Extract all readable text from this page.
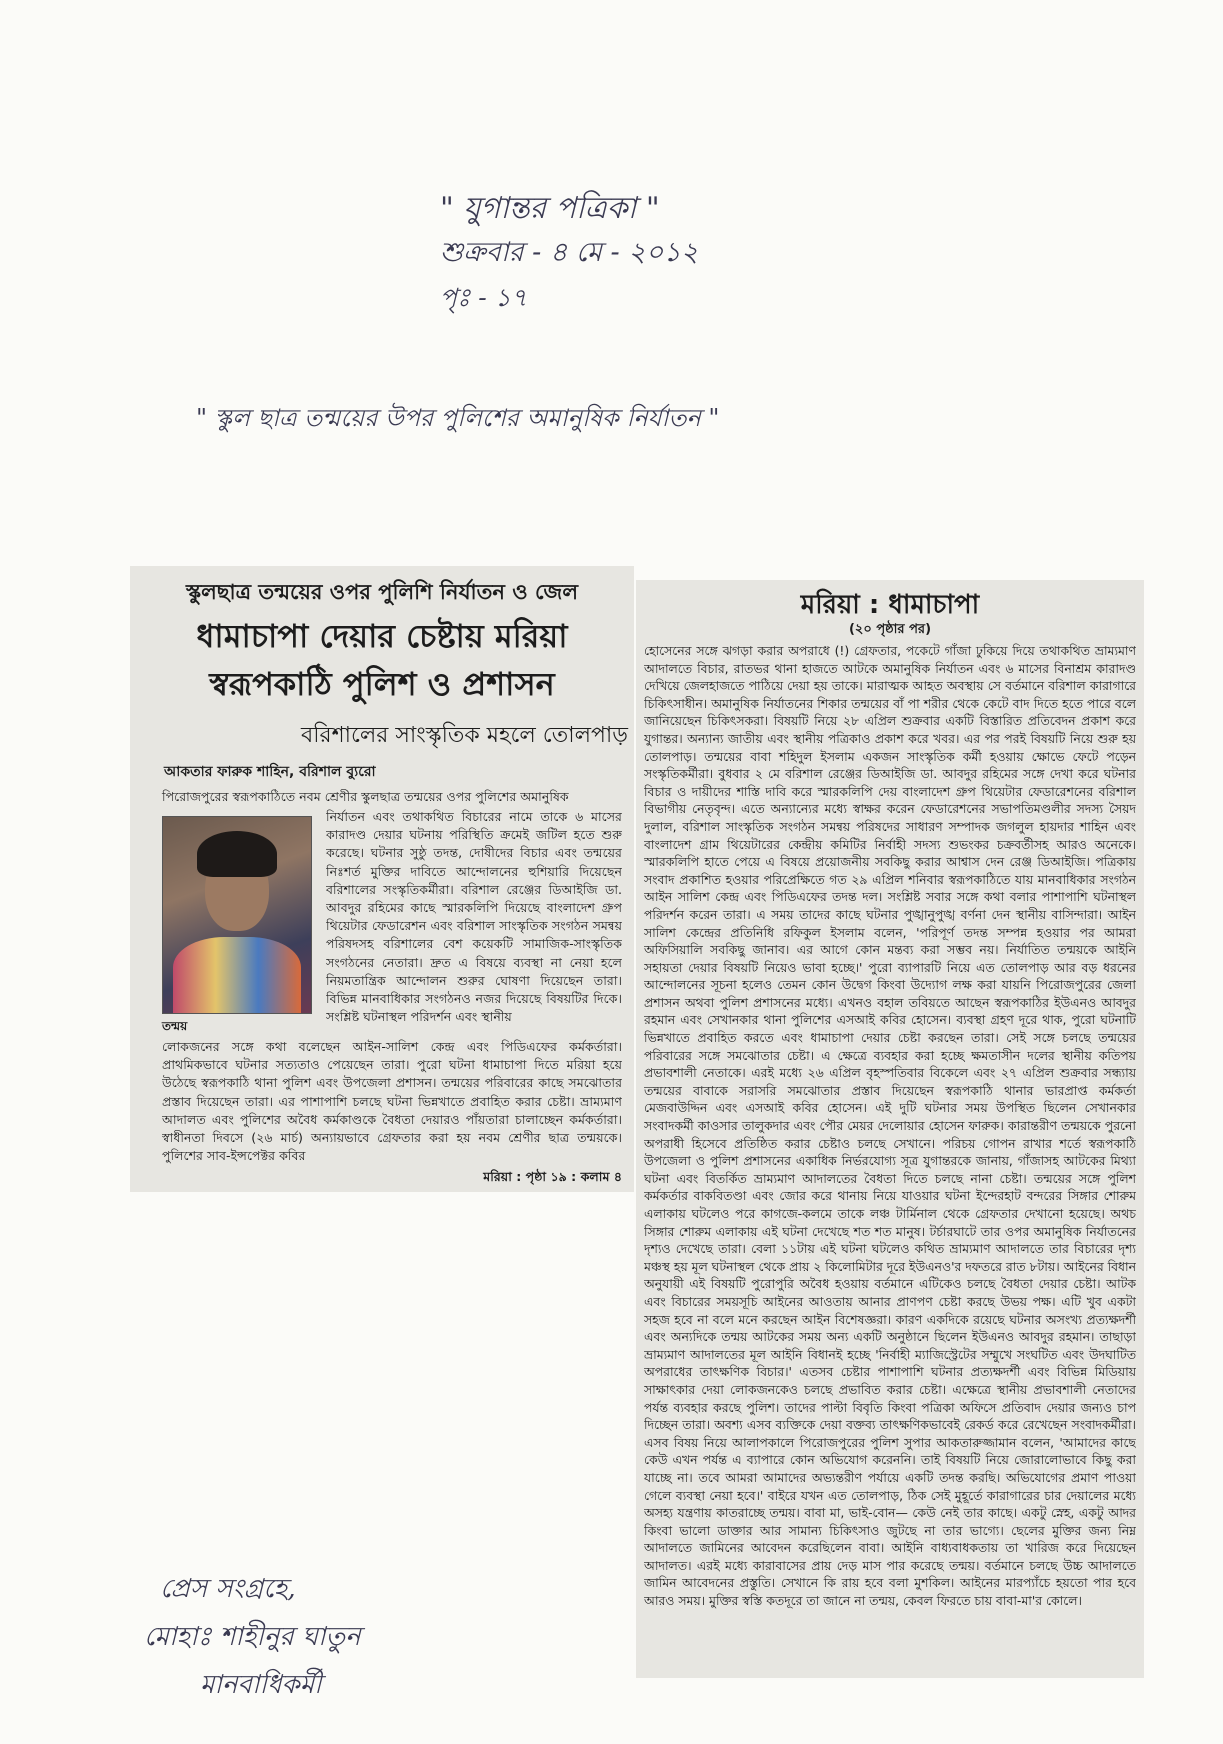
" যুগান্তর পত্রিকা "
শুক্রবার - ৪ মে - ২০১২
পৃঃ - ১৭
" স্কুল ছাত্র তন্ময়ের উপর পুলিশের অমানুষিক নির্যাতন "
স্কুলছাত্র তন্ময়ের ওপর পুলিশি নির্যাতন ও জেল
ধামাচাপা দেয়ার চেষ্টায় মরিয়া
স্বরূপকাঠি পুলিশ ও প্রশাসন
বরিশালের সাংস্কৃতিক মহলে তোলপাড়
আকতার ফারুক শাহিন, বরিশাল ব্যুরো
পিরোজপুরের স্বরূপকাঠিতে নবম শ্রেণীর স্কুলছাত্র তন্ময়ের ওপর পুলিশের অমানুষিক
তন্ময়
নির্যাতন এবং তথাকথিত বিচারের নামে তাকে ৬ মাসের কারাদণ্ড দেয়ার ঘটনায় পরিস্থিতি ক্রমেই জটিল হতে শুরু করেছে। ঘটনার সুষ্ঠু তদন্ত, দোষীদের বিচার এবং তন্ময়ের নিঃশর্ত মুক্তির দাবিতে আন্দোলনের হুশিয়ারি দিয়েছেন বরিশালের সংস্কৃতিকর্মীরা। বরিশাল রেঞ্জের ডিআইজি ডা. আবদুর রহিমের কাছে স্মারকলিপি দিয়েছে বাংলাদেশ গ্রুপ থিয়েটার ফেডারেশন এবং বরিশাল সাংস্কৃতিক সংগঠন সমন্বয় পরিষদসহ বরিশালের বেশ কয়েকটি সামাজিক-সাংস্কৃতিক সংগঠনের নেতারা। দ্রুত এ বিষয়ে ব্যবস্থা না নেয়া হলে নিয়মতান্ত্রিক আন্দোলন শুরুর ঘোষণা দিয়েছেন তারা। বিভিন্ন মানবাধিকার সংগঠনও নজর দিয়েছে বিষয়টির দিকে। সংশ্লিষ্ট ঘটনাস্থল পরিদর্শন এবং স্থানীয়
লোকজনের সঙ্গে কথা বলেছেন আইন-সালিশ কেন্দ্র এবং পিডিএফের কর্মকর্তারা। প্রাথমিকভাবে ঘটনার সত্যতাও পেয়েছেন তারা। পুরো ঘটনা ধামাচাপা দিতে মরিয়া হয়ে উঠেছে স্বরূপকাঠি থানা পুলিশ এবং উপজেলা প্রশাসন। তন্ময়ের পরিবারের কাছে সমঝোতার প্রস্তাব দিয়েছেন তারা। এর পাশাপাশি চলছে ঘটনা ভিন্নখাতে প্রবাহিত করার চেষ্টা। ভ্রাম্যমাণ আদালত এবং পুলিশের অবৈধ কর্মকাণ্ডকে বৈধতা দেয়ারও পাঁয়তারা চালাচ্ছেন কর্মকর্তারা। স্বাধীনতা দিবসে (২৬ মার্চ) অন্যায়ভাবে গ্রেফতার করা হয় নবম শ্রেণীর ছাত্র তন্ময়কে। পুলিশের সাব-ইন্সপেক্টর কবির
মরিয়া : পৃষ্ঠা ১৯ : কলাম ৪
মরিয়া : ধামাচাপা
(২০ পৃষ্ঠার পর)
হোসেনের সঙ্গে ঝগড়া করার অপরাধে (!) গ্রেফতার, পকেটে গাঁজা ঢুকিয়ে দিয়ে তথাকথিত ভ্রাম্যমাণ আদালতে বিচার, রাতভর থানা হাজতে আটকে অমানুষিক নির্যাতন এবং ৬ মাসের বিনাশ্রম কারাদণ্ড দেখিয়ে জেলহাজতে পাঠিয়ে দেয়া হয় তাকে। মারাত্মক আহত অবস্থায় সে বর্তমানে বরিশাল কারাগারে চিকিৎসাধীন। অমানুষিক নির্যাতনের শিকার তন্ময়ের বাঁ পা শরীর থেকে কেটে বাদ দিতে হতে পারে বলে জানিয়েছেন চিকিৎসকরা। বিষয়টি নিয়ে ২৮ এপ্রিল শুক্রবার একটি বিস্তারিত প্রতিবেদন প্রকাশ করে যুগান্তর। অন্যান্য জাতীয় এবং স্থানীয় পত্রিকাও প্রকাশ করে খবর। এর পর পরই বিষয়টি নিয়ে শুরু হয় তোলপাড়। তন্ময়ের বাবা শহিদুল ইসলাম একজন সাংস্কৃতিক কর্মী হওয়ায় ক্ষোভে ফেটে পড়েন সংস্কৃতিকর্মীরা। বুধবার ২ মে বরিশাল রেঞ্জের ডিআইজি ডা. আবদুর রহিমের সঙ্গে দেখা করে ঘটনার বিচার ও দায়ীদের শাস্তি দাবি করে স্মারকলিপি দেয় বাংলাদেশ গ্রুপ থিয়েটার ফেডারেশনের বরিশাল বিভাগীয় নেতৃবৃন্দ। এতে অন্যান্যের মধ্যে স্বাক্ষর করেন ফেডারেশনের সভাপতিমণ্ডলীর সদস্য সৈয়দ দুলাল, বরিশাল সাংস্কৃতিক সংগঠন সমন্বয় পরিষদের সাধারণ সম্পাদক জগলুল হায়দার শাহিন এবং বাংলাদেশ গ্রাম থিয়েটারের কেন্দ্রীয় কমিটির নির্বাহী সদস্য শুভংকর চক্রবর্তীসহ আরও অনেকে। স্মারকলিপি হাতে পেয়ে এ বিষয়ে প্রয়োজনীয় সবকিছু করার আশ্বাস দেন রেঞ্জ ডিআইজি। পত্রিকায় সংবাদ প্রকাশিত হওয়ার পরিপ্রেক্ষিতে গত ২৯ এপ্রিল শনিবার স্বরূপকাঠিতে যায় মানবাধিকার সংগঠন আইন সালিশ কেন্দ্র এবং পিডিএফের তদন্ত দল। সংশ্লিষ্ট সবার সঙ্গে কথা বলার পাশাপাশি ঘটনাস্থল পরিদর্শন করেন তারা। এ সময় তাদের কাছে ঘটনার পুঙ্খানুপুঙ্খ বর্ণনা দেন স্থানীয় বাসিন্দারা। আইন সালিশ কেন্দ্রের প্রতিনিধি রফিকুল ইসলাম বলেন, 'পরিপূর্ণ তদন্ত সম্পন্ন হওয়ার পর আমরা অফিসিয়ালি সবকিছু জানাব। এর আগে কোন মন্তব্য করা সম্ভব নয়। নির্যাতিত তন্ময়কে আইনি সহায়তা দেয়ার বিষয়টি নিয়েও ভাবা হচ্ছে।' পুরো ব্যাপারটি নিয়ে এত তোলপাড় আর বড় ধরনের আন্দোলনের সূচনা হলেও তেমন কোন উদ্বেগ কিংবা উদ্যোগ লক্ষ করা যায়নি পিরোজপুরের জেলা প্রশাসন অথবা পুলিশ প্রশাসনের মধ্যে। এখনও বহাল তবিয়তে আছেন স্বরূপকাঠির ইউএনও আবদুর রহমান এবং সেখানকার থানা পুলিশের এসআই কবির হোসেন। ব্যবস্থা গ্রহণ দূরে থাক, পুরো ঘটনাটি ভিন্নখাতে প্রবাহিত করতে এবং ধামাচাপা দেয়ার চেষ্টা করছেন তারা। সেই সঙ্গে চলছে তন্ময়ের পরিবারের সঙ্গে সমঝোতার চেষ্টা। এ ক্ষেত্রে ব্যবহার করা হচ্ছে ক্ষমতাসীন দলের স্থানীয় কতিপয় প্রভাবশালী নেতাকে। এরই মধ্যে ২৬ এপ্রিল বৃহস্পতিবার বিকেলে এবং ২৭ এপ্রিল শুক্রবার সন্ধ্যায় তন্ময়ের বাবাকে সরাসরি সমঝোতার প্রস্তাব দিয়েছেন স্বরূপকাঠি থানার ভারপ্রাপ্ত কর্মকর্তা মেজবাউদ্দিন এবং এসআই কবির হোসেন। এই দুটি ঘটনার সময় উপস্থিত ছিলেন সেখানকার সংবাদকর্মী কাওসার তালুকদার এবং পৌর মেয়র দেলোয়ার হোসেন ফারুক। কারান্তরীণ তন্ময়কে পুরনো অপরাধী হিসেবে প্রতিষ্ঠিত করার চেষ্টাও চলছে সেখানে। পরিচয় গোপন রাখার শর্তে স্বরূপকাঠি উপজেলা ও পুলিশ প্রশাসনের একাধিক নির্ভরযোগ্য সূত্র যুগান্তরকে জানায়, গাঁজাসহ আটকের মিথ্যা ঘটনা এবং বিতর্কিত ভ্রাম্যমাণ আদালতের বৈধতা দিতে চলছে নানা চেষ্টা। তন্ময়ের সঙ্গে পুলিশ কর্মকর্তার বাকবিতণ্ডা এবং জোর করে থানায় নিয়ে যাওয়ার ঘটনা ইন্দেরহাট বন্দরের সিঙ্গার শোরুম এলাকায় ঘটলেও পরে কাগজে-কলমে তাকে লঞ্চ টার্মিনাল থেকে গ্রেফতার দেখানো হয়েছে। অথচ সিঙ্গার শোরুম এলাকায় এই ঘটনা দেখেছে শত শত মানুষ। টর্চারঘাটে তার ওপর অমানুষিক নির্যাতনের দৃশ্যও দেখেছে তারা। বেলা ১১টায় এই ঘটনা ঘটলেও কথিত ভ্রাম্যমাণ আদালতে তার বিচারের দৃশ্য মঞ্চস্থ হয় মূল ঘটনাস্থল থেকে প্রায় ২ কিলোমিটার দূরে ইউএনও'র দফতরে রাত ৮টায়। আইনের বিধান অনুযায়ী এই বিষয়টি পুরোপুরি অবৈধ হওয়ায় বর্তমানে এটিকেও চলছে বৈধতা দেয়ার চেষ্টা। আটক এবং বিচারের সময়সূচি আইনের আওতায় আনার প্রাণপণ চেষ্টা করছে উভয় পক্ষ। এটি খুব একটা সহজ হবে না বলে মনে করছেন আইন বিশেষজ্ঞরা। কারণ একদিকে রয়েছে ঘটনার অসংখ্য প্রত্যক্ষদর্শী এবং অন্যদিকে তন্ময় আটকের সময় অন্য একটি অনুষ্ঠানে ছিলেন ইউএনও আবদুর রহমান। তাছাড়া ভ্রাম্যমাণ আদালতের মূল আইনি বিধানই হচ্ছে 'নির্বাহী ম্যাজিস্ট্রেটের সম্মুখে সংঘটিত এবং উদঘাটিত অপরাধের তাৎক্ষণিক বিচার।' এতসব চেষ্টার পাশাপাশি ঘটনার প্রত্যক্ষদর্শী এবং বিভিন্ন মিডিয়ায় সাক্ষাৎকার দেয়া লোকজনকেও চলছে প্রভাবিত করার চেষ্টা। এক্ষেত্রে স্থানীয় প্রভাবশালী নেতাদের পর্যন্ত ব্যবহার করছে পুলিশ। তাদের পাল্টা বিবৃতি কিংবা পত্রিকা অফিসে প্রতিবাদ দেয়ার জন্যও চাপ দিচ্ছেন তারা। অবশ্য এসব ব্যক্তিকে দেয়া বক্তব্য তাৎক্ষণিকভাবেই রেকর্ড করে রেখেছেন সংবাদকর্মীরা। এসব বিষয় নিয়ে আলাপকালে পিরোজপুরের পুলিশ সুপার আকতারুজ্জামান বলেন, 'আমাদের কাছে কেউ এখন পর্যন্ত এ ব্যাপারে কোন অভিযোগ করেননি। তাই বিষয়টি নিয়ে জোরালোভাবে কিছু করা যাচ্ছে না। তবে আমরা আমাদের অভ্যন্তরীণ পর্যায়ে একটি তদন্ত করছি। অভিযোগের প্রমাণ পাওয়া গেলে ব্যবস্থা নেয়া হবে।' বাইরে যখন এত তোলপাড়, ঠিক সেই মুহূর্তে কারাগারের চার দেয়ালের মধ্যে অসহ্য যন্ত্রণায় কাতরাচ্ছে তন্ময়। বাবা মা, ভাই-বোন— কেউ নেই তার কাছে। একটু স্নেহ, একটু আদর কিংবা ভালো ডাক্তার আর সামান্য চিকিৎসাও জুটছে না তার ভাগ্যে। ছেলের মুক্তির জন্য নিম্ন আদালতে জামিনের আবেদন করেছিলেন বাবা। আইনি বাধ্যবাধকতায় তা খারিজ করে দিয়েছেন আদালত। এরই মধ্যে কারাবাসের প্রায় দেড় মাস পার করেছে তন্ময়। বর্তমানে চলছে উচ্চ আদালতে জামিন আবেদনের প্রস্তুতি। সেখানে কি রায় হবে বলা মুশকিল। আইনের মারপ্যাঁচে হয়তো পার হবে আরও সময়। মুক্তির স্বস্তি কতদূরে তা জানে না তন্ময়, কেবল ফিরতে চায় বাবা-মা'র কোলে।
প্রেস সংগ্রহে,
মোহাঃ শাহীনুর ঘাতুন
মানবাধিকর্মী
